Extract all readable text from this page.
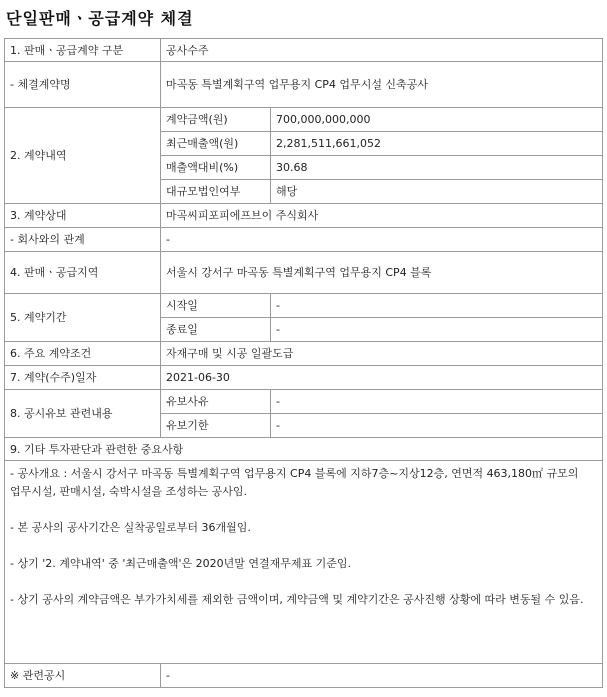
단일판매ㆍ공급계약 체결
1. 판매ㆍ공급계약 구분	공사수주	
- 체결계약명	마곡동 특별계획구역 업무용지 CP4 업무시설 신축공사	
2. 계약내역	계약금액(원)	700,000,000,000
	최근매출액(원)	2,281,511,661,052
	매출액대비(%)	30.68
	대규모법인여부	해당
3. 계약상대	마곡씨피포피에프브이 주식회사	
- 회사와의 관계	-	
4. 판매ㆍ공급지역	서울시 강서구 마곡동 특별계획구역 업무용지 CP4 블록	
5. 계약기간	시작일	-
	종료일	-
6. 주요 계약조건	자재구매 및 시공 일괄도급	
7. 계약(수주)일자	2021-06-30	
8. 공시유보 관련내용	유보사유	-
	유보기한	-
9. 기타 투자판단과 관련한 중요사항		
- 공사개요 : 서울시 강서구 마곡동 특별계획구역 업무용지 CP4 블록에 지하7층~지상12층, 연면적 463,180㎡ 규모의 업무시설, 판매시설, 숙박시설을 조성하는 공사임.

- 본 공사의 공사기간은 실착공일로부터 36개월임.

- 상기 '2. 계약내역' 중 '최근매출액'은 2020년말 연결재무제표 기준임.

- 상기 공사의 계약금액은 부가가치세를 제외한 금액이며, 계약금액 및 계약기간은 공사진행 상황에 따라 변동될 수 있음.		
※ 관련공시	-	
